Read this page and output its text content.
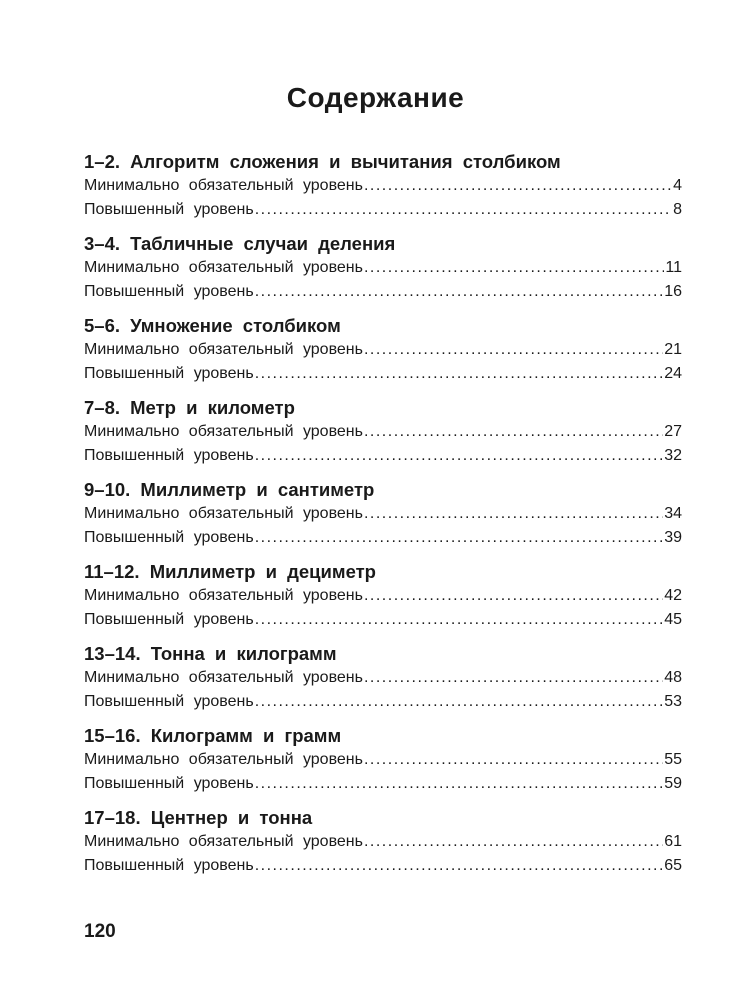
Содержание
1–2. Алгоритм сложения и вычитания столбиком
Минимально обязательный уровень .....	4
Повышенный уровень .....	8
3–4. Табличные случаи деления
Минимально обязательный уровень .....	11
Повышенный уровень .....	16
5–6. Умножение столбиком
Минимально обязательный уровень .....	21
Повышенный уровень .....	24
7–8. Метр и километр
Минимально обязательный уровень .....	27
Повышенный уровень .....	32
9–10. Миллиметр и сантиметр
Минимально обязательный уровень .....	34
Повышенный уровень .....	39
11–12. Миллиметр и дециметр
Минимально обязательный уровень .....	42
Повышенный уровень .....	45
13–14. Тонна и килограмм
Минимально обязательный уровень .....	48
Повышенный уровень .....	53
15–16. Килограмм и грамм
Минимально обязательный уровень .....	55
Повышенный уровень .....	59
17–18. Центнер и тонна
Минимально обязательный уровень .....	61
Повышенный уровень .....	65
120
